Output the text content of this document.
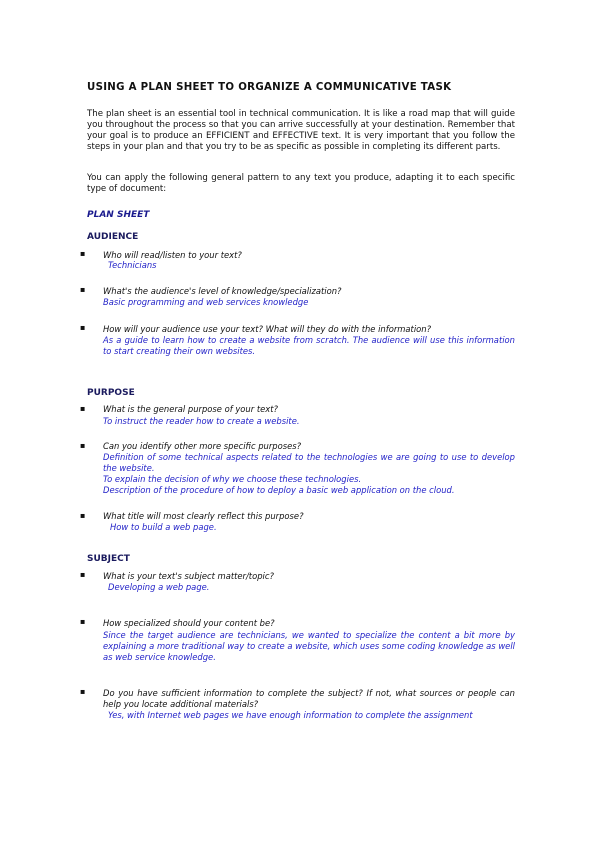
USING A PLAN SHEET TO ORGANIZE A COMMUNICATIVE TASK
The plan sheet is an essential tool in technical communication. It is like a road map that will guide you throughout the process so that you can arrive successfully at your destination. Remember that your goal is to produce an EFFICIENT and EFFECTIVE text. It is very important that you follow the steps in your plan and that you try to be as specific as possible in completing its different parts.
You can apply the following general pattern to any text you produce, adapting it to each specific type of document:
PLAN SHEET
AUDIENCE
▪ Who will read/listen to your text?
Technicians
▪ What's the audience's level of knowledge/specialization?
Basic programming and web services knowledge
▪ How will your audience use your text? What will they do with the information?
As a guide to learn how to create a website from scratch. The audience will use this information to start creating their own websites.
PURPOSE
▪ What is the general purpose of your text?
To instruct the reader how to create a website.
▪ Can you identify other more specific purposes?
Definition of some technical aspects related to the technologies we are going to use to develop the website.
To explain the decision of why we choose these technologies.
Description of the procedure of how to deploy a basic web application on the cloud.
▪ What title will most clearly reflect this purpose?
How to build a web page.
SUBJECT
▪ What is your text's subject matter/topic?
Developing a web page.
▪ How specialized should your content be?
Since the target audience are technicians, we wanted to specialize the content a bit more by explaining a more traditional way to create a website, which uses some coding knowledge as well as web service knowledge.
▪ Do you have sufficient information to complete the subject? If not, what sources or people can help you locate additional materials?
Yes, with Internet web pages we have enough information to complete the assignment
